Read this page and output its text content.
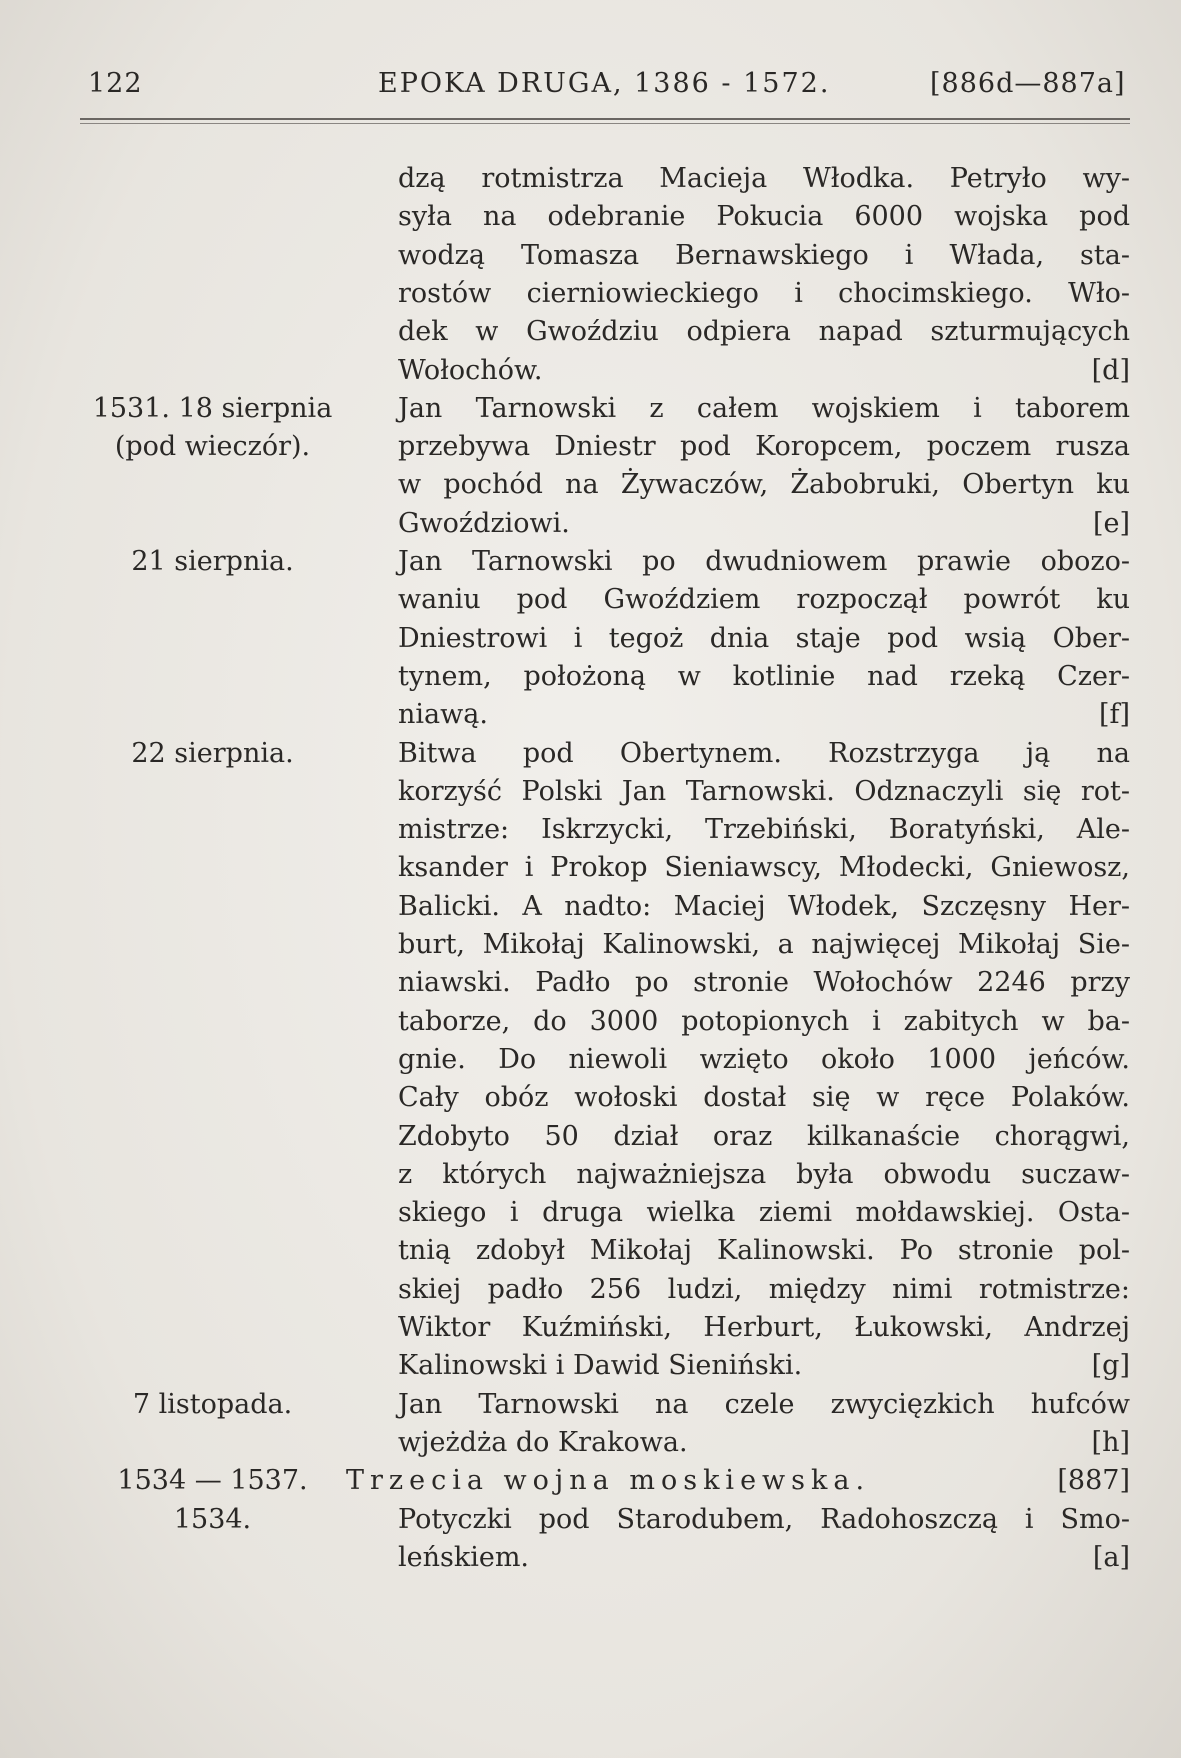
122	EPOKA DRUGA, 1386 - 1572.	[886d—887a]
dzą rotmistrza Macieja Włodka. Petryło wy-
syła na odebranie Pokucia 6000 wojska pod
wodzą Tomasza Bernawskiego i Włada, sta-
rostów cierniowieckiego i chocimskiego. Wło-
dek w Gwoździu odpiera napad szturmujących
Wołochów.	[d]
1531. 18 sierpnia	Jan Tarnowski z całem wojskiem i taborem
(pod wieczór).	przebywa Dniestr pod Koropcem, poczem rusza
w pochód na Żywaczów, Żabobruki, Obertyn ku
Gwoździowi.	[e]
21 sierpnia.	Jan Tarnowski po dwudniowem prawie obozo-
waniu pod Gwoździem rozpoczął powrót ku
Dniestrowi i tegoż dnia staje pod wsią Ober-
tynem, położoną w kotlinie nad rzeką Czer-
niawą.	[f]
22 sierpnia.	Bitwa pod Obertynem. Rozstrzyga ją na
korzyść Polski Jan Tarnowski. Odznaczyli się rot-
mistrze: Iskrzycki, Trzebiński, Boratyński, Ale-
ksander i Prokop Sieniawscy, Młodecki, Gniewosz,
Balicki. A nadto: Maciej Włodek, Szczęsny Her-
burt, Mikołaj Kalinowski, a najwięcej Mikołaj Sie-
niawski. Padło po stronie Wołochów 2246 przy
taborze, do 3000 potopionych i zabitych w ba-
gnie. Do niewoli wzięto około 1000 jeńców.
Cały obóz wołoski dostał się w ręce Polaków.
Zdobyto 50 dział oraz kilkanaście chorągwi,
z których najważniejsza była obwodu suczaw-
skiego i druga wielka ziemi mołdawskiej. Osta-
tnią zdobył Mikołaj Kalinowski. Po stronie pol-
skiej padło 256 ludzi, między nimi rotmistrze:
Wiktor Kuźmiński, Herburt, Łukowski, Andrzej
Kalinowski i Dawid Sieniński.	[g]
7 listopada.	Jan Tarnowski na czele zwycięzkich hufców
wjeżdża do Krakowa.	[h]
1534 — 1537.	Trzecia wojna moskiewska.	[887]
1534.	Potyczki pod Starodubem, Radohoszczą i Smo-
leńskiem.	[a]
